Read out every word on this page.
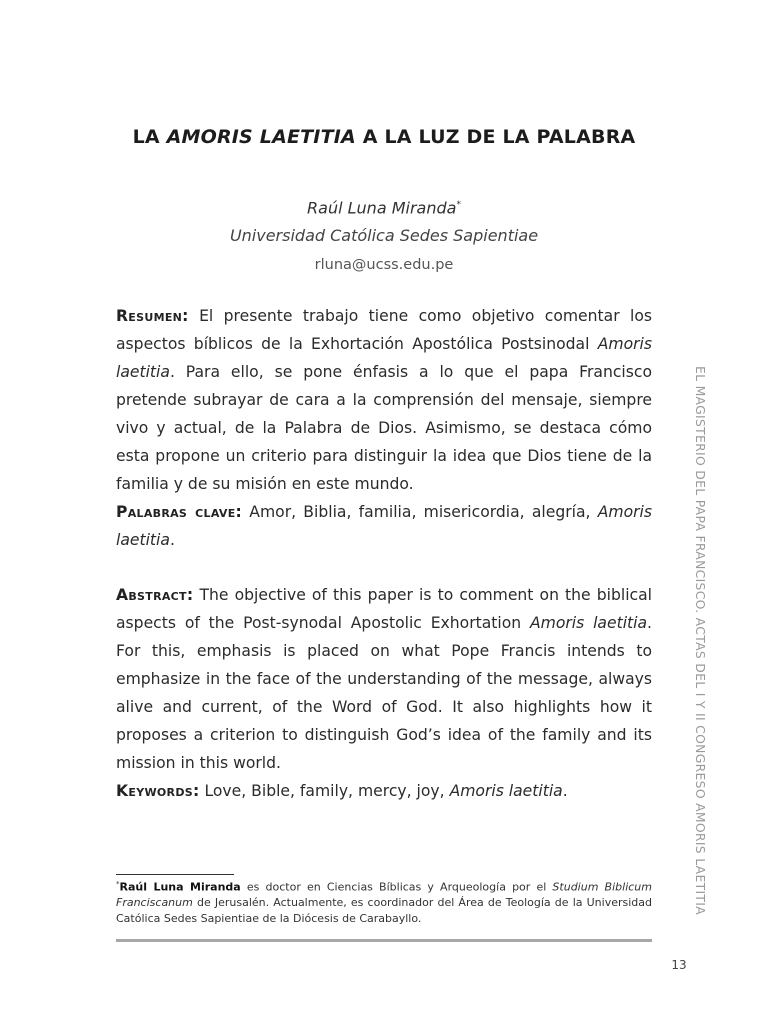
LA AMORIS LAETITIA A LA LUZ DE LA PALABRA
Raúl Luna Miranda*
Universidad Católica Sedes Sapientiae
rluna@ucss.edu.pe

Resumen: El presente trabajo tiene como objetivo comentar los aspectos bíblicos de la Exhortación Apostólica Postsinodal Amoris laetitia. Para ello, se pone énfasis a lo que el papa Francisco pretende subrayar de cara a la comprensión del mensaje, siempre vivo y actual, de la Palabra de Dios. Asimismo, se destaca cómo esta propone un criterio para distinguir la idea que Dios tiene de la familia y de su misión en este mundo.

Palabras clave: Amor, Biblia, familia, misericordia, alegría, Amoris laetitia.

Abstract: The objective of this paper is to comment on the biblical aspects of the Post-synodal Apostolic Exhortation Amoris laetitia. For this, emphasis is placed on what Pope Francis intends to emphasize in the face of the understanding of the message, always alive and current, of the Word of God. It also highlights how it proposes a criterion to distinguish God’s idea of the family and its mission in this world.

Keywords: Love, Bible, family, mercy, joy, Amoris laetitia.

*Raúl Luna Miranda es doctor en Ciencias Bíblicas y Arqueología por el Studium Biblicum Franciscanum de Jerusalén. Actualmente, es coordinador del Área de Teología de la Universidad Católica Sedes Sapientiae de la Diócesis de Carabayllo.

EL MAGISTERIO DEL PAPA FRANCISCO. ACTAS DEL I Y II CONGRESO AMORIS LAETITIA
13
